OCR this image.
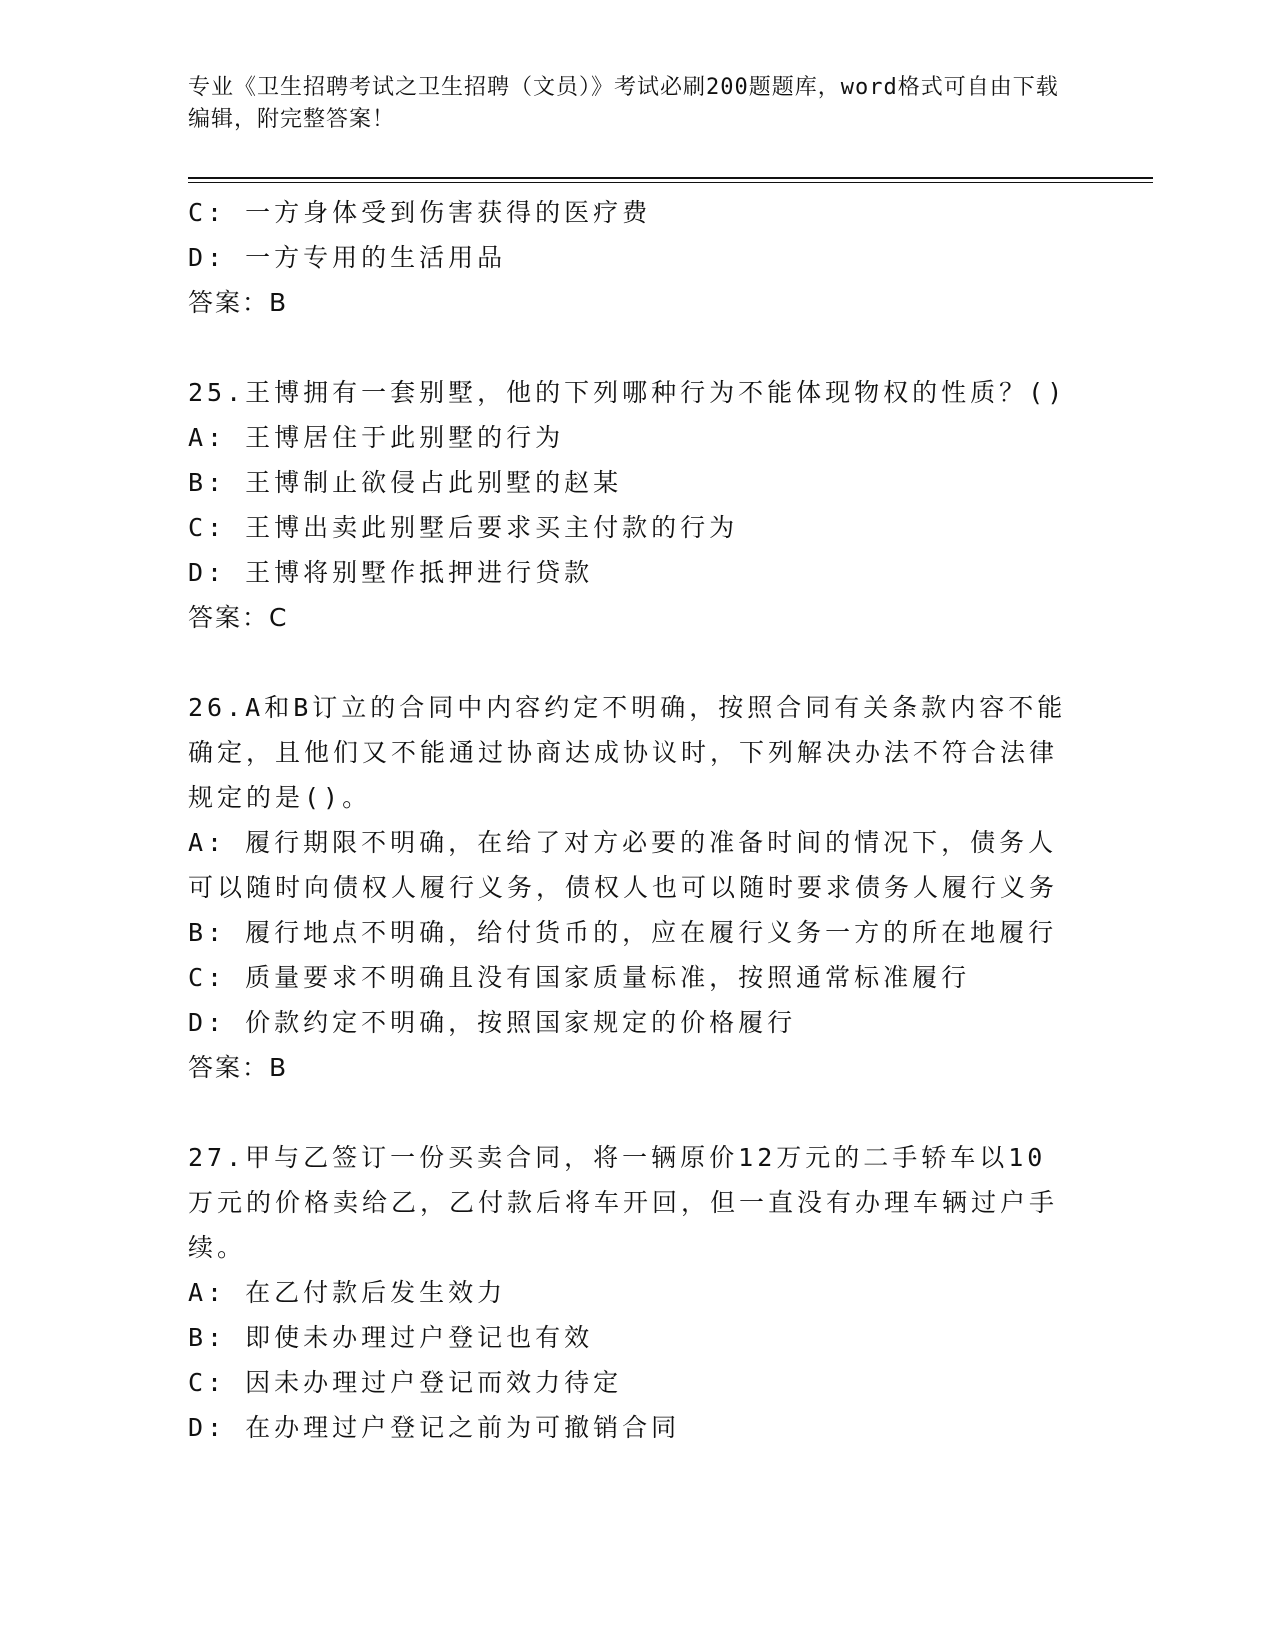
专业《卫生招聘考试之卫生招聘（文员）》考试必刷200题题库，word格式可自由下载编辑，附完整答案！
C: 一方身体受到伤害获得的医疗费
D: 一方专用的生活用品
答案：B
25.王博拥有一套别墅，他的下列哪种行为不能体现物权的性质？()
A: 王博居住于此别墅的行为
B: 王博制止欲侵占此别墅的赵某
C: 王博出卖此别墅后要求买主付款的行为
D: 王博将别墅作抵押进行贷款
答案：C
26.A和B订立的合同中内容约定不明确，按照合同有关条款内容不能确定，且他们又不能通过协商达成协议时，下列解决办法不符合法律规定的是()。
A: 履行期限不明确，在给了对方必要的准备时间的情况下，债务人可以随时向债权人履行义务，债权人也可以随时要求债务人履行义务
B: 履行地点不明确，给付货币的，应在履行义务一方的所在地履行
C: 质量要求不明确且没有国家质量标准，按照通常标准履行
D: 价款约定不明确，按照国家规定的价格履行
答案：B
27.甲与乙签订一份买卖合同，将一辆原价12万元的二手轿车以10万元的价格卖给乙，乙付款后将车开回，但一直没有办理车辆过户手续。
A: 在乙付款后发生效力
B: 即使未办理过户登记也有效
C: 因未办理过户登记而效力待定
D: 在办理过户登记之前为可撤销合同
